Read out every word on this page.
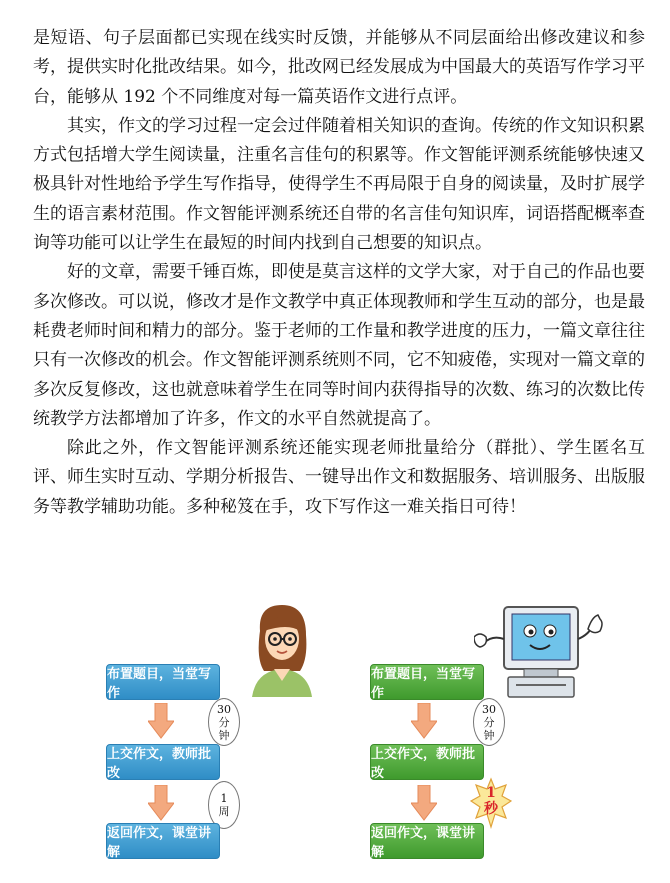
是短语、句子层面都已实现在线实时反馈，并能够从不同层面给出修改建议和参考，提供实时化批改结果。如今，批改网已经发展成为中国最大的英语写作学习平台，能够从 192 个不同维度对每一篇英语作文进行点评。

其实，作文的学习过程一定会过伴随着相关知识的查询。传统的作文知识积累方式包括增大学生阅读量，注重名言佳句的积累等。作文智能评测系统能够快速又极具针对性地给予学生写作指导，使得学生不再局限于自身的阅读量，及时扩展学生的语言素材范围。作文智能评测系统还自带的名言佳句知识库，词语搭配概率查询等功能可以让学生在最短的时间内找到自己想要的知识点。

好的文章，需要千锤百炼，即使是莫言这样的文学大家，对于自己的作品也要多次修改。可以说，修改才是作文教学中真正体现教师和学生互动的部分，也是最耗费老师时间和精力的部分。鉴于老师的工作量和教学进度的压力，一篇文章往往只有一次修改的机会。作文智能评测系统则不同，它不知疲倦，实现对一篇文章的多次反复修改，这也就意味着学生在同等时间内获得指导的次数、练习的次数比传统教学方法都增加了许多，作文的水平自然就提高了。

除此之外，作文智能评测系统还能实现老师批量给分（群批）、学生匿名互评、师生实时互动、学期分析报告、一键导出作文和数据服务、培训服务、出版服务等教学辅助功能。多种秘笈在手，攻下写作这一难关指日可待！

布置题目，当堂写作
30
分
钟
上交作文，教师批改
1
周
返回作文，课堂讲解
布置题目，当堂写作
30
分
钟
上交作文，教师批改
1
秒
返回作文，课堂讲解
